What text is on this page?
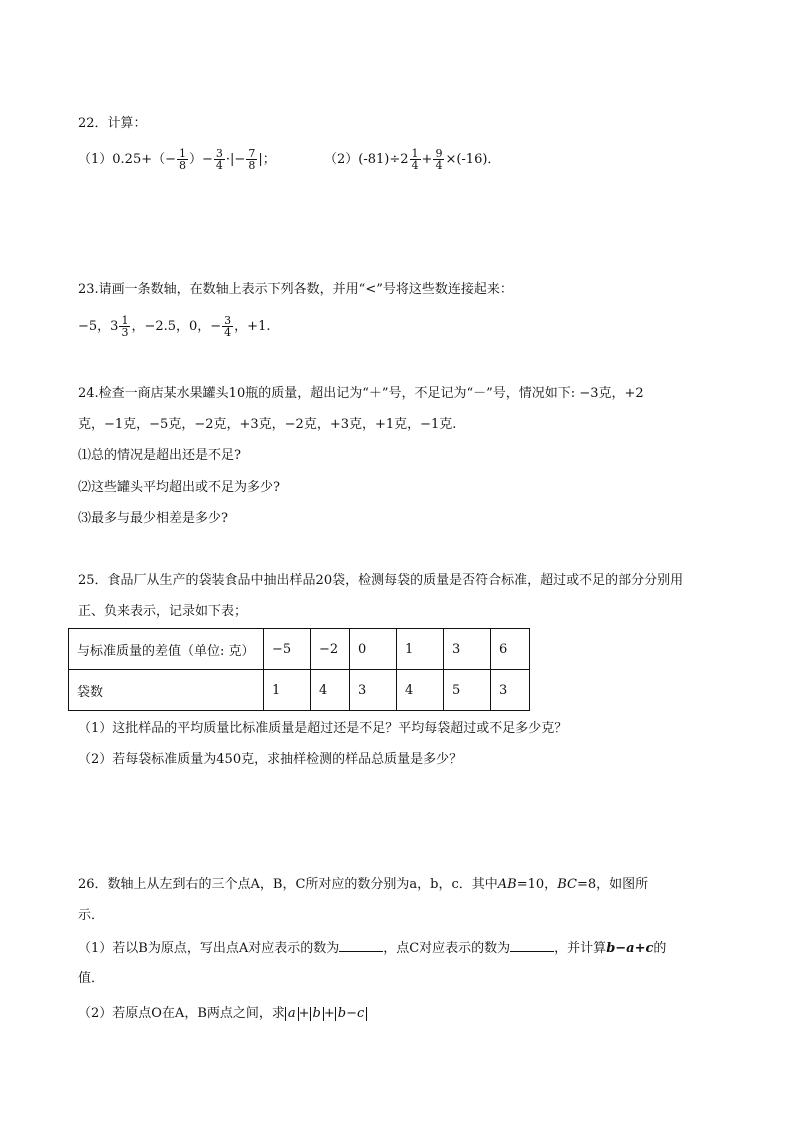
22．计算：
$(1)0.25+(- \frac{1}{8}$ ）− $\frac{3}{4}$ ·|− $\frac{7}{8}$ |；	$(2)(-81)\div 2 \frac{1}{4} + \frac{9}{4} \times(-16)$．
23.请画一条数轴，在数轴上表示下列各数，并用“<”号将这些数连接起来：
−5，$3 \frac{1}{3}$ ，−2.5，0，− $\frac{3}{4}$ ，+1.
24.检查一商店某水果罐头10瓶的质量，超出记为“＋”号，不足记为“－”号，情况如下: −3克，+2
克，−1克，−5克，−2克，+3克，−2克，+3克，+1克，−1克.
⑴总的情况是超出还是不足?
⑵这些罐头平均超出或不足为多少?
⑶最多与最少相差是多少?
25．食品厂从生产的袋装食品中抽出样品20袋，检测每袋的质量是否符合标准，超过或不足的部分分别用
正、负来表示，记录如下表；
与标准质量的差值（单位: 克）	−5	−2	0	1	3	6
袋数	1	4	3	4	5	3
（1）这批样品的平均质量比标准质量是超过还是不足？平均每袋超过或不足多少克？
（2）若每袋标准质量为450克，求抽样检测的样品总质量是多少？
26．数轴上从左到右的三个点A，B，C所对应的数分别为a，b，c．其中AB=10，BC=8，如图所
示．
（1）若以B为原点，写出点A对应表示的数为	，点C对应表示的数为	，并计算b−a+c的
值．
（2）若原点O在A，B两点之间，求 a + b + b−c
